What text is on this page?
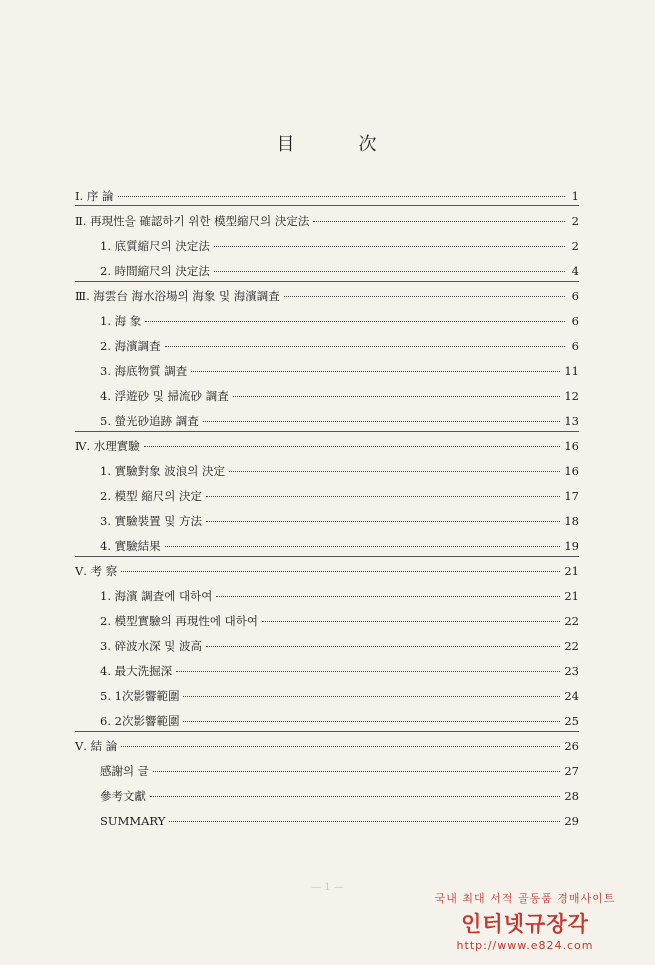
目	次
Ⅰ. 序 論	1
Ⅱ. 再現性을 確認하기 위한 模型縮尺의 決定法	2
1. 底質縮尺의 決定法	2
2. 時間縮尺의 決定法	4
Ⅲ. 海雲台 海水浴場의 海象 및 海濱調査	6
1. 海 象	6
2. 海濱調査	6
3. 海底物質 調査	11
4. 浮遊砂 및 掃流砂 調査	12
5. 螢光砂追跡 調査	13
Ⅳ. 水理實驗	16
1. 實驗對象 波浪의 決定	16
2. 模型 縮尺의 決定	17
3. 實驗裝置 및 方法	18
4. 實驗結果	19
Ⅴ. 考 察	21
1. 海濱 調査에 대하여	21
2. 模型實驗의 再現性에 대하여	22
3. 碎波水深 및 波高	22
4. 最大洗掘深	23
5. 1次影響範圍	24
6. 2次影響範圍	25
Ⅴ. 結 論	26
感謝의 글	27
參考文獻	28
SUMMARY	29
— 1 —
국내 최대 서적 골동품 경매사이트
인터넷규장각
http://www.e824.com
